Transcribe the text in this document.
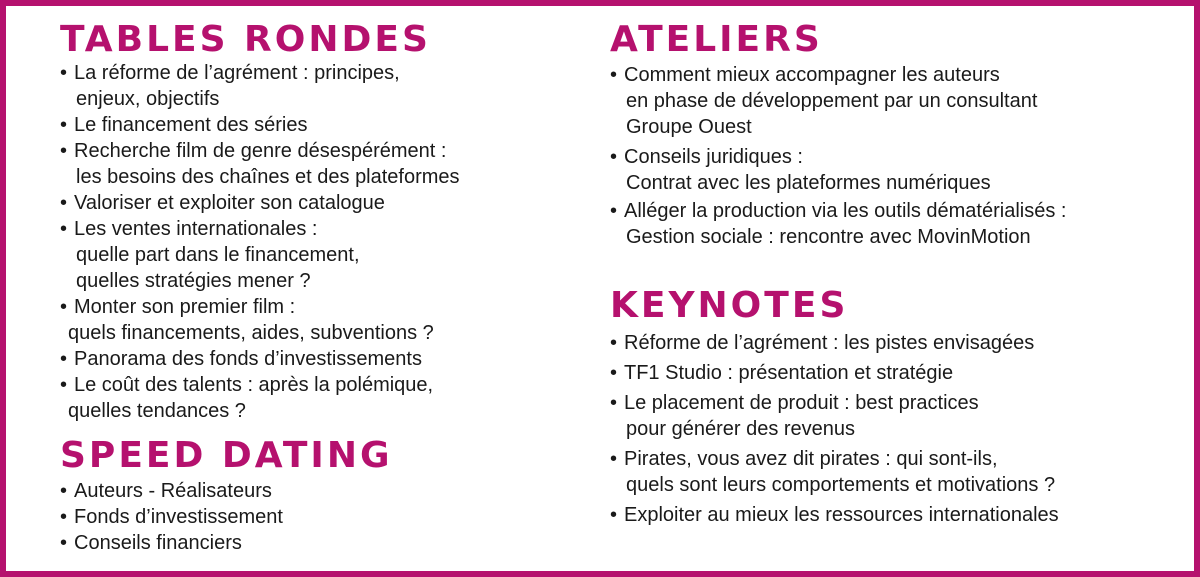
TABLES RONDES
• La réforme de l’agrément : principes,
enjeux, objectifs
• Le financement des séries
• Recherche film de genre désespérément :
les besoins des chaînes et des plateformes
• Valoriser et exploiter son catalogue
• Les ventes internationales :
quelle part dans le financement,
quelles stratégies mener ?
• Monter son premier film :
quels financements, aides, subventions ?
• Panorama des fonds d’investissements
• Le coût des talents : après la polémique,
quelles tendances ?
SPEED DATING
• Auteurs - Réalisateurs
• Fonds d’investissement
• Conseils financiers
ATELIERS
• Comment mieux accompagner les auteurs
en phase de développement par un consultant
Groupe Ouest
• Conseils juridiques :
Contrat avec les plateformes numériques
• Alléger la production via les outils dématérialisés :
Gestion sociale : rencontre avec MovinMotion
KEYNOTES
• Réforme de l’agrément : les pistes envisagées
• TF1 Studio : présentation et stratégie
• Le placement de produit : best practices
pour générer des revenus
• Pirates, vous avez dit pirates : qui sont-ils,
quels sont leurs comportements et motivations ?
• Exploiter au mieux les ressources internationales
